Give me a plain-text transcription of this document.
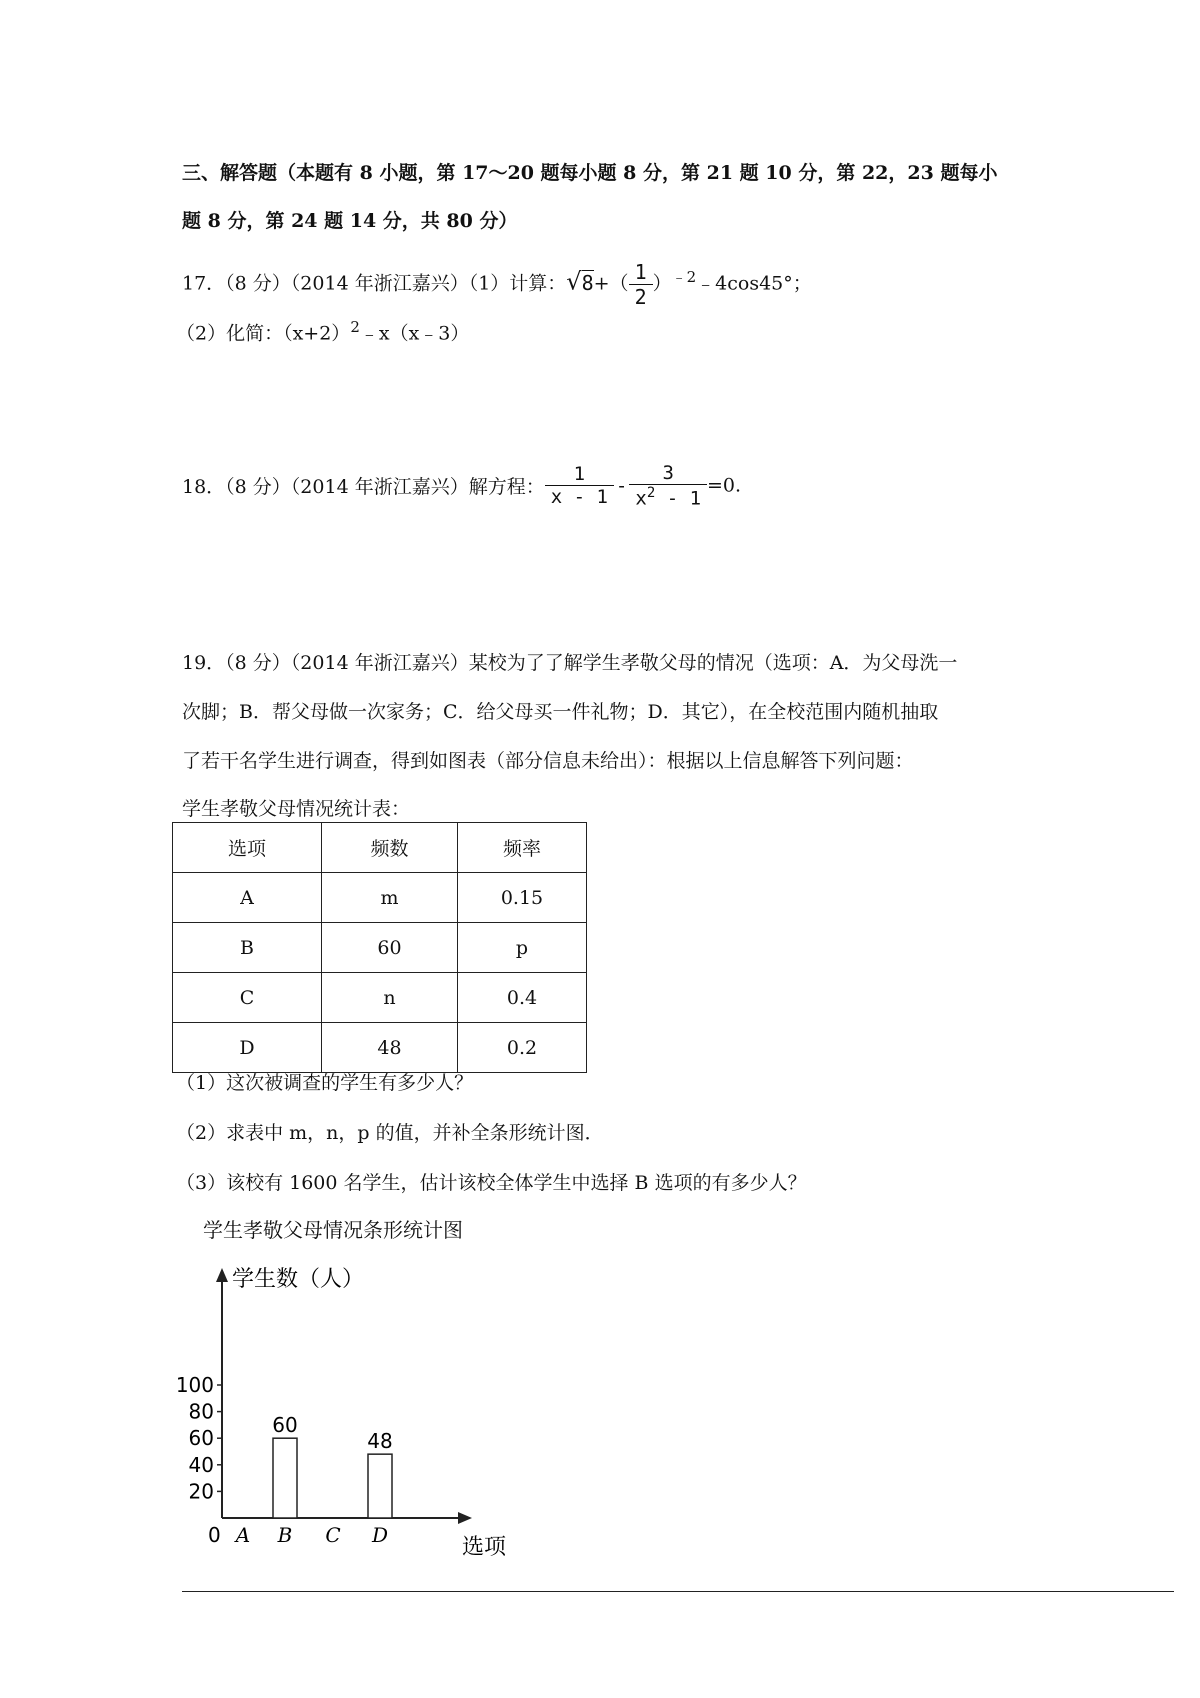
三、解答题（本题有 8 小题，第 17～20 题每小题 8 分，第 21 题 10 分，第 22，23 题每小
题 8 分，第 24 题 14 分，共 80 分）
17．（8 分）（2014 年浙江嘉兴）（1）计算：$√8+( \frac{1}{2}$ ）$^{﹣2}﹣4\cos 45^\circ$；
（2）化简：$(x+2)^2﹣x(x﹣3)$
18．（8 分）（2014 年浙江嘉兴）解方程： $\frac{1}{x - 1} - \frac{3}{x^2 - 1} =0$.
19．（8 分）（2014 年浙江嘉兴）某校为了了解学生孝敬父母的情况（选项：A．为父母洗一
次脚；B．帮父母做一次家务；C．给父母买一件礼物；D．其它），在全校范围内随机抽取
了若干名学生进行调查，得到如图表（部分信息未给出）：根据以上信息解答下列问题：
学生孝敬父母情况统计表：
选项	频数	频率
A	m	0.15
B	60	p
C	n	0.4
D	48	0.2
（1）这次被调查的学生有多少人？
（2）求表中 m，n，p 的值，并补全条形统计图．
（3）该校有 1600 名学生，估计该校全体学生中选择 B 选项的有多少人？
学生孝敬父母情况条形统计图
学生数（人）
选项
0
20
40
60
80
100
A B C D
60
48
